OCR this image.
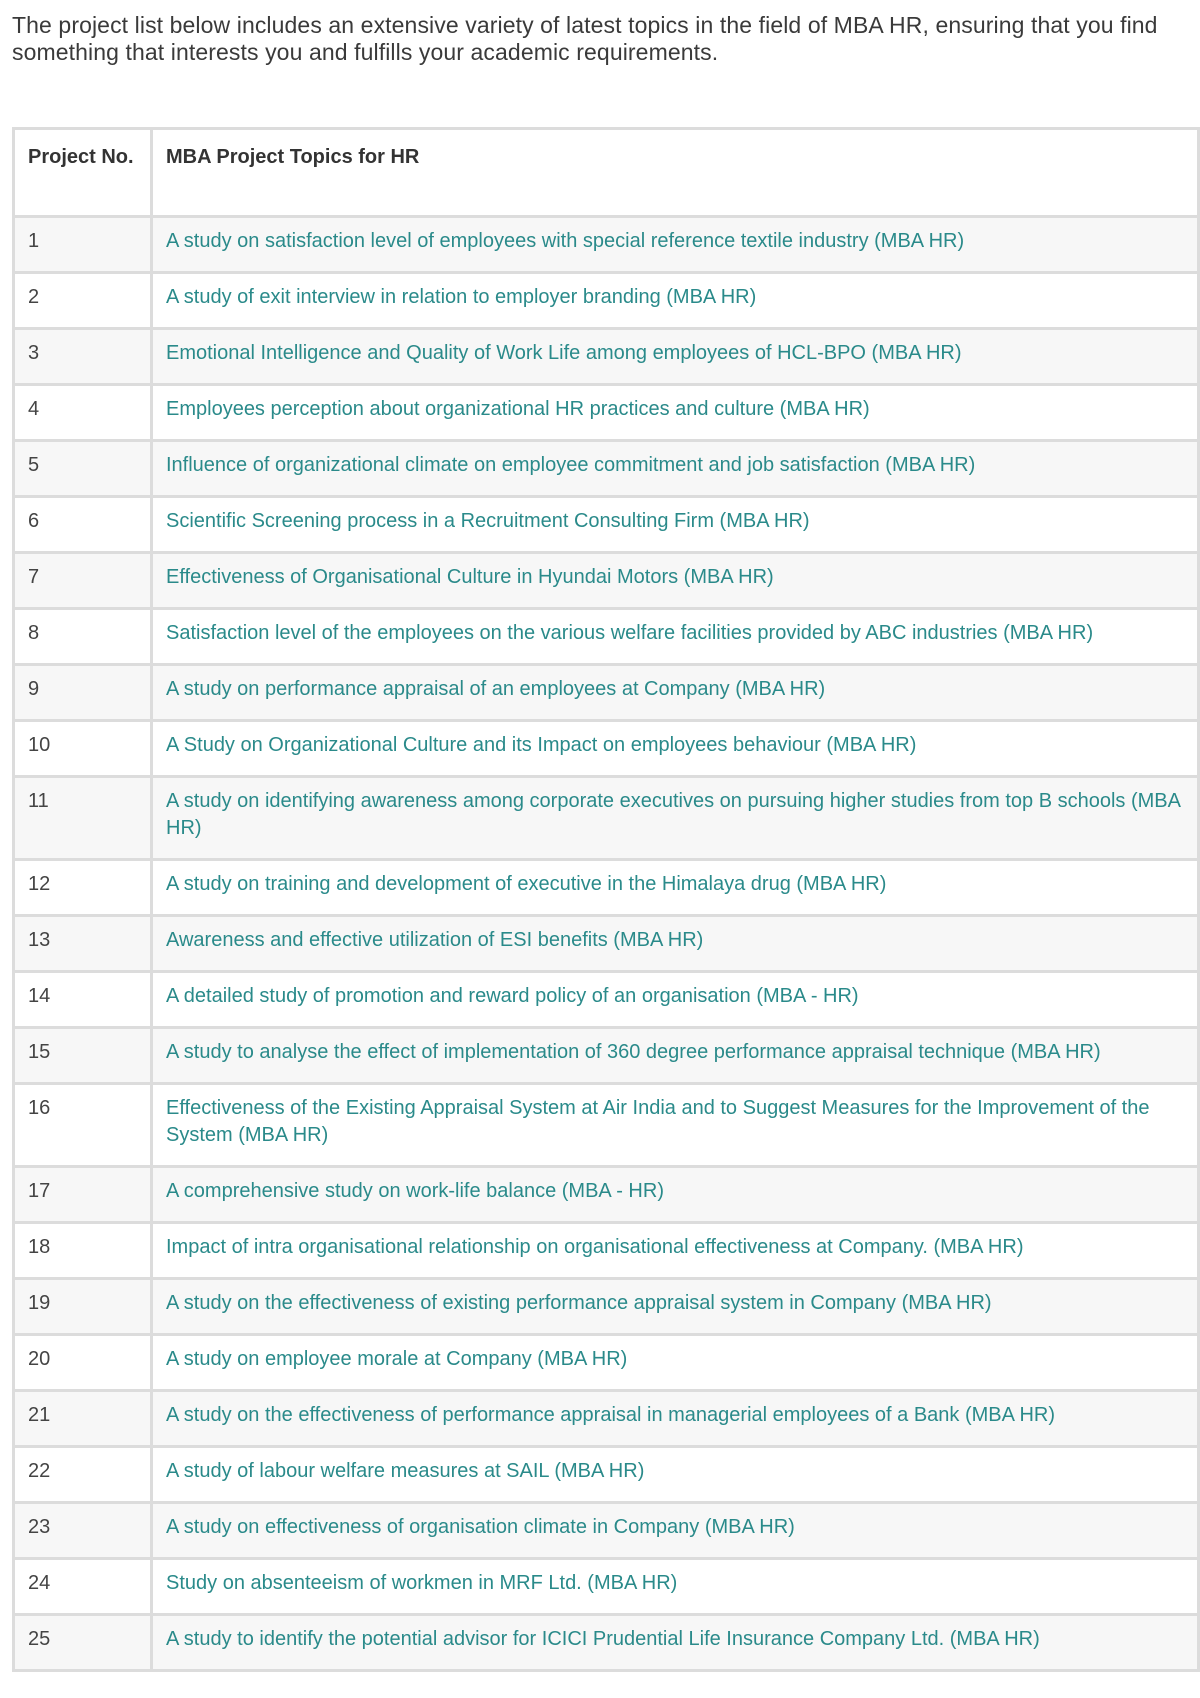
The project list below includes an extensive variety of latest topics in the field of MBA HR, ensuring that you find something that interests you and fulfills your academic requirements.

Project No.	MBA Project Topics for HR
1	A study on satisfaction level of employees with special reference textile industry (MBA HR)
2	A study of exit interview in relation to employer branding (MBA HR)
3	Emotional Intelligence and Quality of Work Life among employees of HCL-BPO (MBA HR)
4	Employees perception about organizational HR practices and culture (MBA HR)
5	Influence of organizational climate on employee commitment and job satisfaction (MBA HR)
6	Scientific Screening process in a Recruitment Consulting Firm (MBA HR)
7	Effectiveness of Organisational Culture in Hyundai Motors (MBA HR)
8	Satisfaction level of the employees on the various welfare facilities provided by ABC industries (MBA HR)
9	A study on performance appraisal of an employees at Company (MBA HR)
10	A Study on Organizational Culture and its Impact on employees behaviour (MBA HR)
11	A study on identifying awareness among corporate executives on pursuing higher studies from top B schools (MBA HR)
12	A study on training and development of executive in the Himalaya drug (MBA HR)
13	Awareness and effective utilization of ESI benefits (MBA HR)
14	A detailed study of promotion and reward policy of an organisation (MBA - HR)
15	A study to analyse the effect of implementation of 360 degree performance appraisal technique (MBA HR)
16	Effectiveness of the Existing Appraisal System at Air India and to Suggest Measures for the Improvement of the System (MBA HR)
17	A comprehensive study on work-life balance (MBA - HR)
18	Impact of intra organisational relationship on organisational effectiveness at Company. (MBA HR)
19	A study on the effectiveness of existing performance appraisal system in Company (MBA HR)
20	A study on employee morale at Company (MBA HR)
21	A study on the effectiveness of performance appraisal in managerial employees of a Bank (MBA HR)
22	A study of labour welfare measures at SAIL (MBA HR)
23	A study on effectiveness of organisation climate in Company (MBA HR)
24	Study on absenteeism of workmen in MRF Ltd. (MBA HR)
25	A study to identify the potential advisor for ICICI Prudential Life Insurance Company Ltd. (MBA HR)
